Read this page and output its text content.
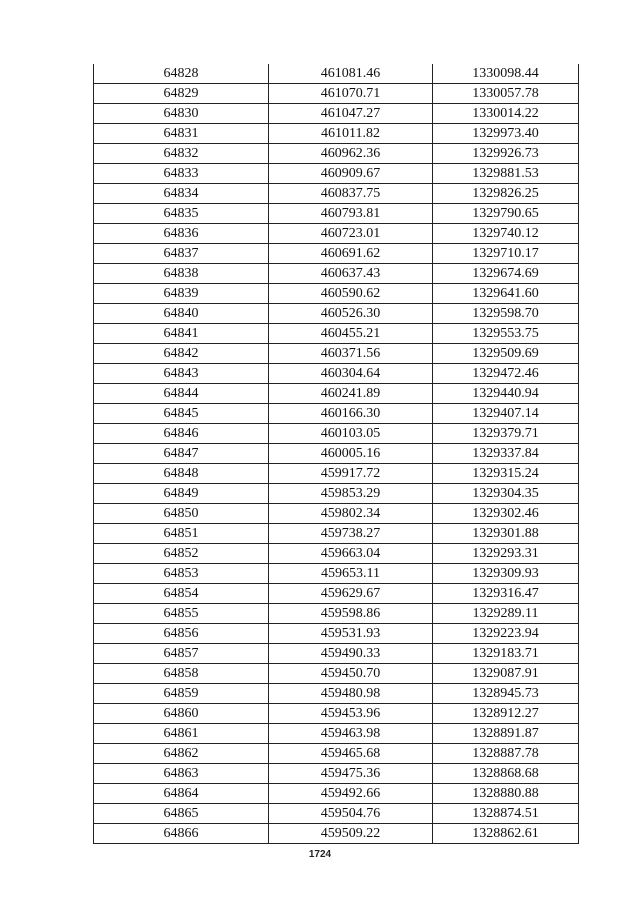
64828	461081.46	1330098.44
64829	461070.71	1330057.78
64830	461047.27	1330014.22
64831	461011.82	1329973.40
64832	460962.36	1329926.73
64833	460909.67	1329881.53
64834	460837.75	1329826.25
64835	460793.81	1329790.65
64836	460723.01	1329740.12
64837	460691.62	1329710.17
64838	460637.43	1329674.69
64839	460590.62	1329641.60
64840	460526.30	1329598.70
64841	460455.21	1329553.75
64842	460371.56	1329509.69
64843	460304.64	1329472.46
64844	460241.89	1329440.94
64845	460166.30	1329407.14
64846	460103.05	1329379.71
64847	460005.16	1329337.84
64848	459917.72	1329315.24
64849	459853.29	1329304.35
64850	459802.34	1329302.46
64851	459738.27	1329301.88
64852	459663.04	1329293.31
64853	459653.11	1329309.93
64854	459629.67	1329316.47
64855	459598.86	1329289.11
64856	459531.93	1329223.94
64857	459490.33	1329183.71
64858	459450.70	1329087.91
64859	459480.98	1328945.73
64860	459453.96	1328912.27
64861	459463.98	1328891.87
64862	459465.68	1328887.78
64863	459475.36	1328868.68
64864	459492.66	1328880.88
64865	459504.76	1328874.51
64866	459509.22	1328862.61
1724
